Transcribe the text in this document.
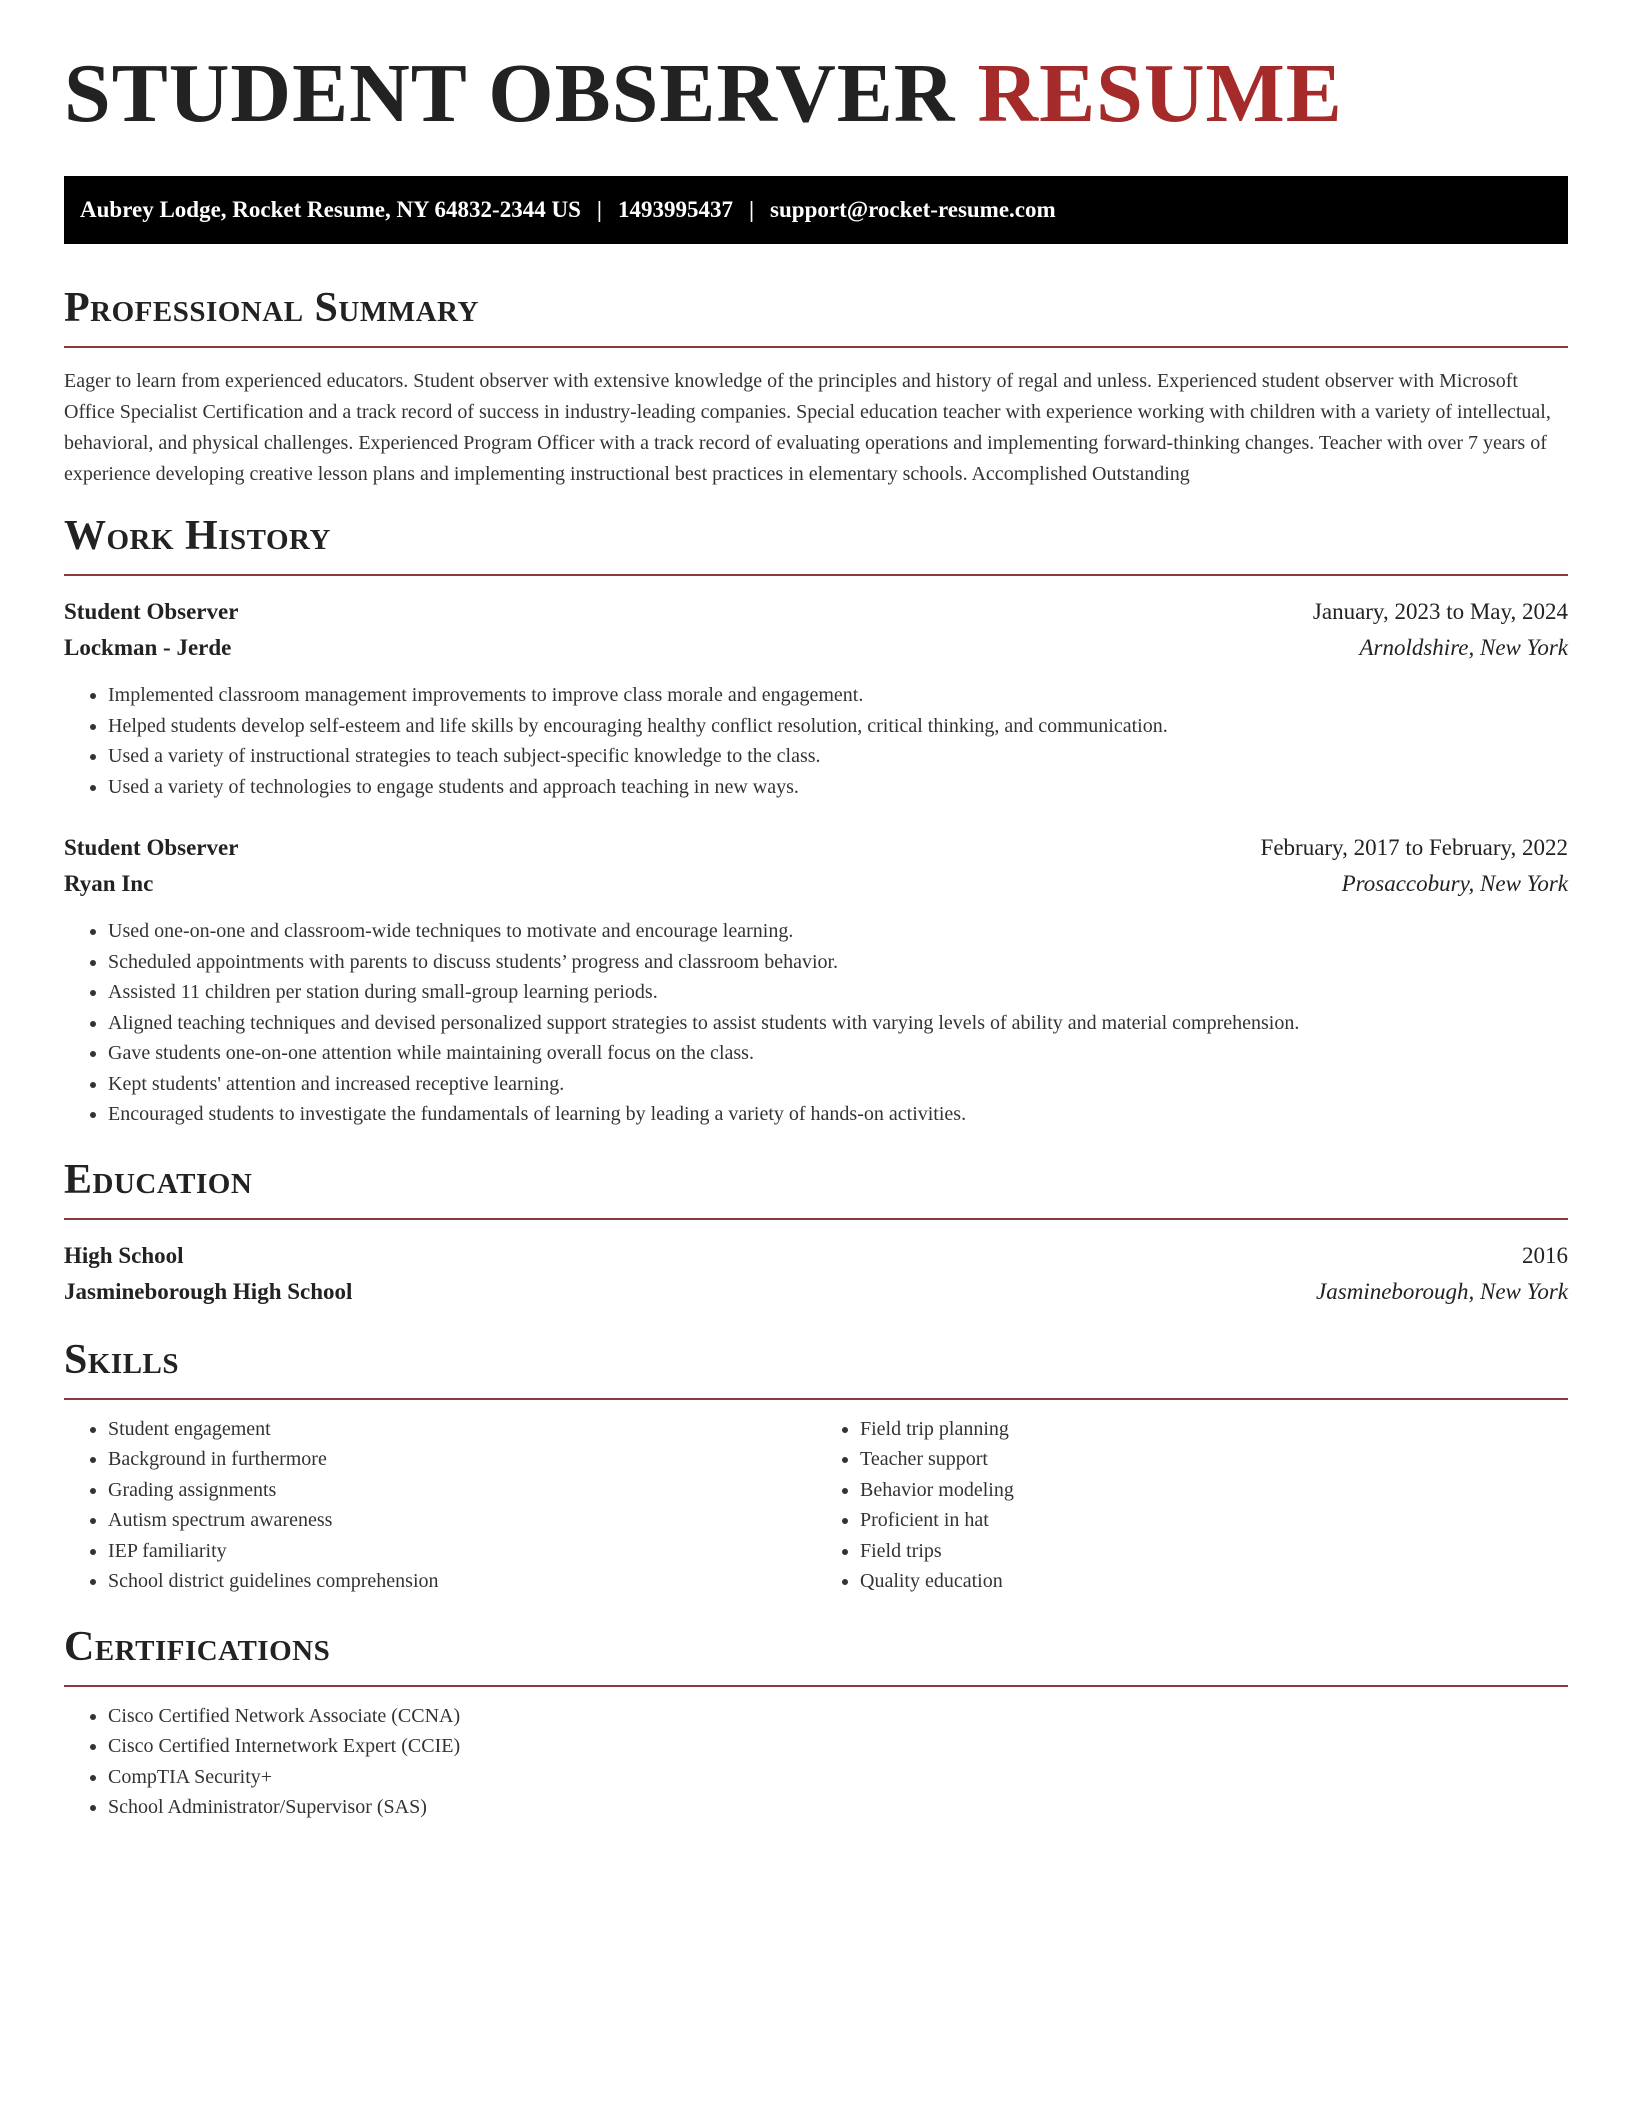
STUDENT OBSERVER RESUME
Aubrey Lodge, Rocket Resume, NY 64832-2344 US | 1493995437 | support@rocket-resume.com
Professional Summary

Eager to learn from experienced educators. Student observer with extensive knowledge of the principles and history of regal and unless. Experienced student observer with Microsoft Office Specialist Certification and a track record of success in industry-leading companies. Special education teacher with experience working with children with a variety of intellectual, behavioral, and physical challenges. Experienced Program Officer with a track record of evaluating operations and implementing forward-thinking changes. Teacher with over 7 years of experience developing creative lesson plans and implementing instructional best practices in elementary schools. Accomplished Outstanding

Work History
Student Observer	January, 2023 to May, 2024
Lockman - Jerde	Arnoldshire, New York
• Implemented classroom management improvements to improve class morale and engagement.
• Helped students develop self-esteem and life skills by encouraging healthy conflict resolution, critical thinking, and communication.
• Used a variety of instructional strategies to teach subject-specific knowledge to the class.
• Used a variety of technologies to engage students and approach teaching in new ways.
Student Observer	February, 2017 to February, 2022
Ryan Inc	Prosaccobury, New York
• Used one-on-one and classroom-wide techniques to motivate and encourage learning.
• Scheduled appointments with parents to discuss students’ progress and classroom behavior.
• Assisted 11 children per station during small-group learning periods.
• Aligned teaching techniques and devised personalized support strategies to assist students with varying levels of ability and material comprehension.
• Gave students one-on-one attention while maintaining overall focus on the class.
• Kept students' attention and increased receptive learning.
• Encouraged students to investigate the fundamentals of learning by leading a variety of hands-on activities.
Education
High School	2016
Jasmineborough High School	Jasmineborough, New York
Skills
• Student engagement
• Background in furthermore
• Grading assignments
• Autism spectrum awareness
• IEP familiarity
• School district guidelines comprehension
• Field trip planning
• Teacher support
• Behavior modeling
• Proficient in hat
• Field trips
• Quality education
Certifications
• Cisco Certified Network Associate (CCNA)
• Cisco Certified Internetwork Expert (CCIE)
• CompTIA Security+
• School Administrator/Supervisor (SAS)
